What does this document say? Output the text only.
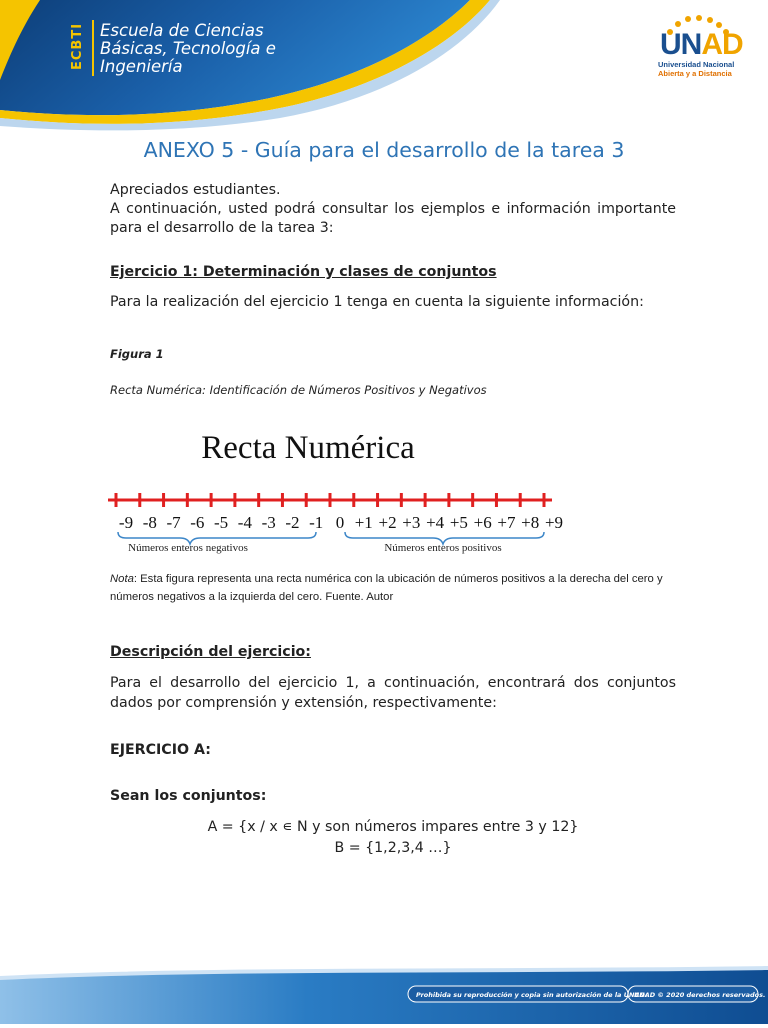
ECBTI Escuela de Ciencias
Básicas, Tecnología e
Ingeniería
UNAD
Universidad Nacional
Abierta y a Distancia
ANEXO 5 - Guía para el desarrollo de la tarea 3
Apreciados estudiantes.
A continuación, usted podrá consultar los ejemplos e información importante para el desarrollo de la tarea 3:
Ejercicio 1: Determinación y clases de conjuntos
Para la realización del ejercicio 1 tenga en cuenta la siguiente información:
Figura 1
Recta Numérica: Identificación de Números Positivos y Negativos
Recta Numérica
-9 -8 -7 -6 -5 -4 -3 -2 -1 0 +1 +2 +3 +4 +5 +6 +7 +8 +9
Números enteros negativos	Números enteros positivos
Nota: Esta figura representa una recta numérica con la ubicación de números positivos a la derecha del cero y números negativos a la izquierda del cero. Fuente. Autor
Descripción del ejercicio:
Para el desarrollo del ejercicio 1, a continuación, encontrará dos conjuntos dados por comprensión y extensión, respectivamente:
EJERCICIO A:
Sean los conjuntos:
A = {x / x ∊ N y son números impares entre 3 y 12}
B = {1,2,3,4 …}
Prohibida su reproducción y copia sin autorización de la UNAD.
UNAD © 2020 derechos reservados.
